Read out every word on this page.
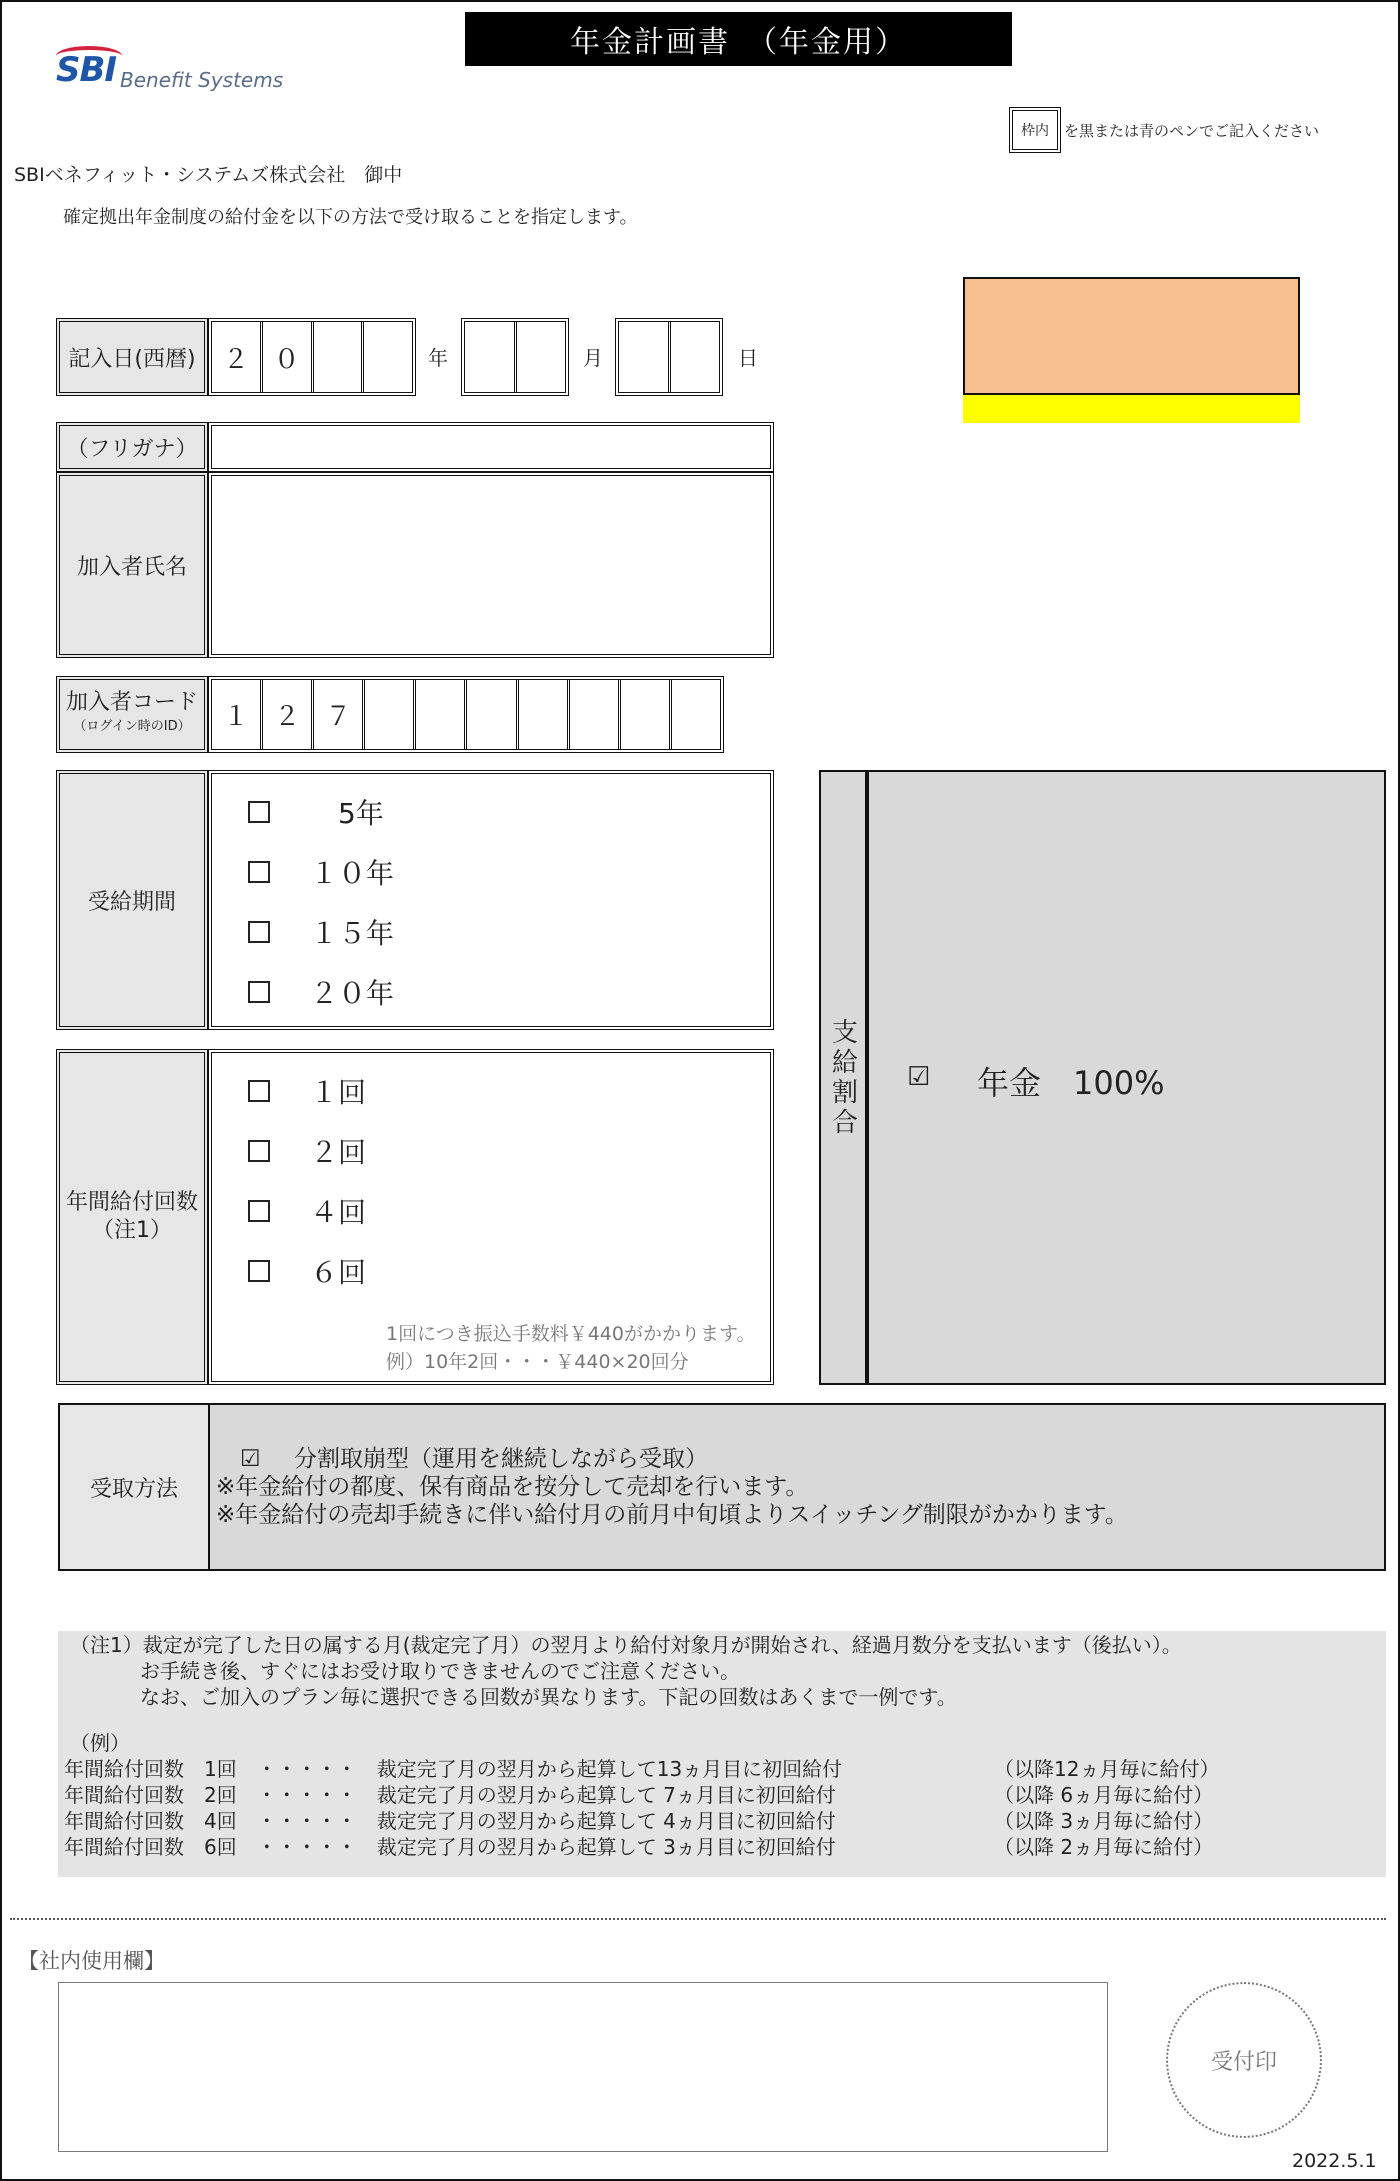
年金計画書　（年金用）
SBI Benefit Systems
枠内	を黒または青のペンでご記入ください
SBIベネフィット・システムズ株式会社　御中
確定拠出年金制度の給付金を以下の方法で受け取ることを指定します。
記入日(西暦)	２ ０	年	月	日
（フリガナ）
加入者氏名
加入者コード
（ログイン時のID）	１ ２ ７
受給期間
　5年
１０年
１５年
２０年
年間給付回数
（注1）
１回
２回
４回
６回
1回につき振込手数料￥440がかかります。
例）10年2回・・・￥440×20回分
支給割合 ☑ 年金　100%
受取方法
☑ 分割取崩型（運用を継続しながら受取）
※年金給付の都度、保有商品を按分して売却を行います。
※年金給付の売却手続きに伴い給付月の前月中旬頃よりスイッチング制限がかかります。
（注1）裁定が完了した日の属する月(裁定完了月）の翌月より給付対象月が開始され、経過月数分を支払います（後払い）。
お手続き後、すぐにはお受け取りできませんのでご注意ください。
なお、ご加入のプラン毎に選択できる回数が異なります。下記の回数はあくまで一例です。
（例）
年間給付回数　1回　・・・・・　裁定完了月の翌月から起算して13ヵ月目に初回給付	（以降12ヵ月毎に給付）
年間給付回数　2回　・・・・・　裁定完了月の翌月から起算して 7ヵ月目に初回給付	（以降 6ヵ月毎に給付）
年間給付回数　4回　・・・・・　裁定完了月の翌月から起算して 4ヵ月目に初回給付	（以降 3ヵ月毎に給付）
年間給付回数　6回　・・・・・　裁定完了月の翌月から起算して 3ヵ月目に初回給付	（以降 2ヵ月毎に給付）
【社内使用欄】
受付印
2022.5.1
